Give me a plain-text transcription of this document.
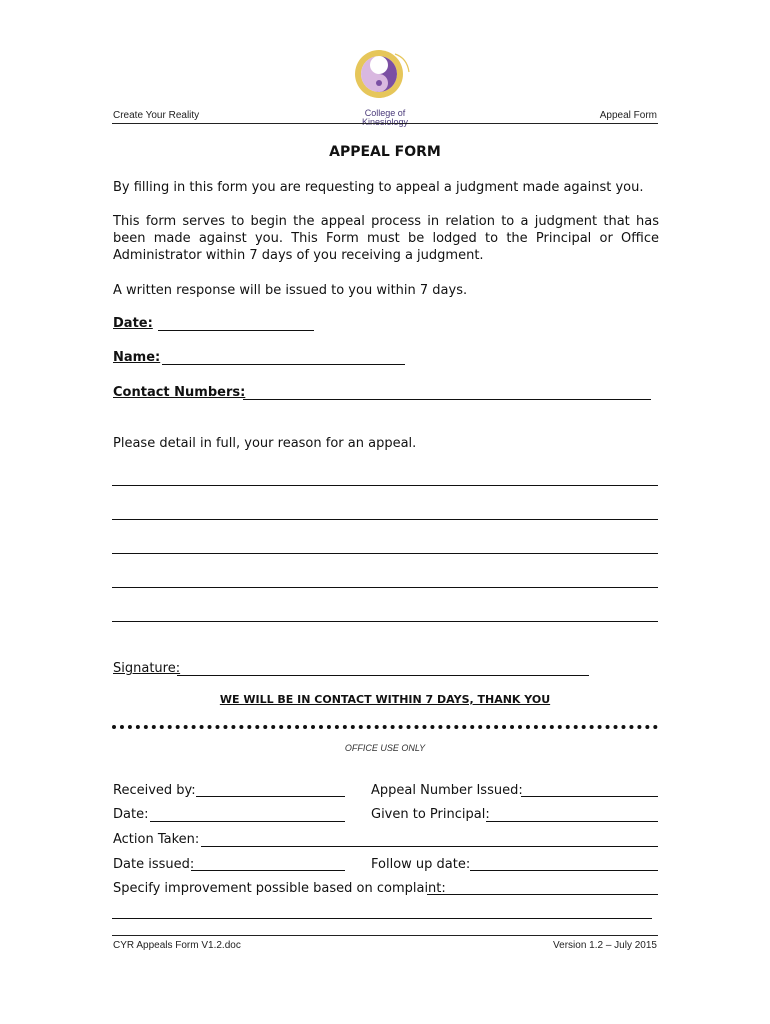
College of
Kinesiology
Create Your Reality	Appeal Form
APPEAL FORM
By filling in this form you are requesting to appeal a judgment made against you.
This form serves to begin the appeal process in relation to a judgment that has been made against you. This Form must be lodged to the Principal or Office Administrator within 7 days of you receiving a judgment.
A written response will be issued to you within 7 days.
Date:
Name:
Contact Numbers:
Please detail in full, your reason for an appeal.
Signature:
WE WILL BE IN CONTACT WITHIN 7 DAYS, THANK YOU
OFFICE USE ONLY
Received by:	Appeal Number Issued:
Date:	Given to Principal:
Action Taken:
Date issued:	Follow up date:
Specify improvement possible based on complaint:
CYR Appeals Form V1.2.doc	Version 1.2 – July 2015
